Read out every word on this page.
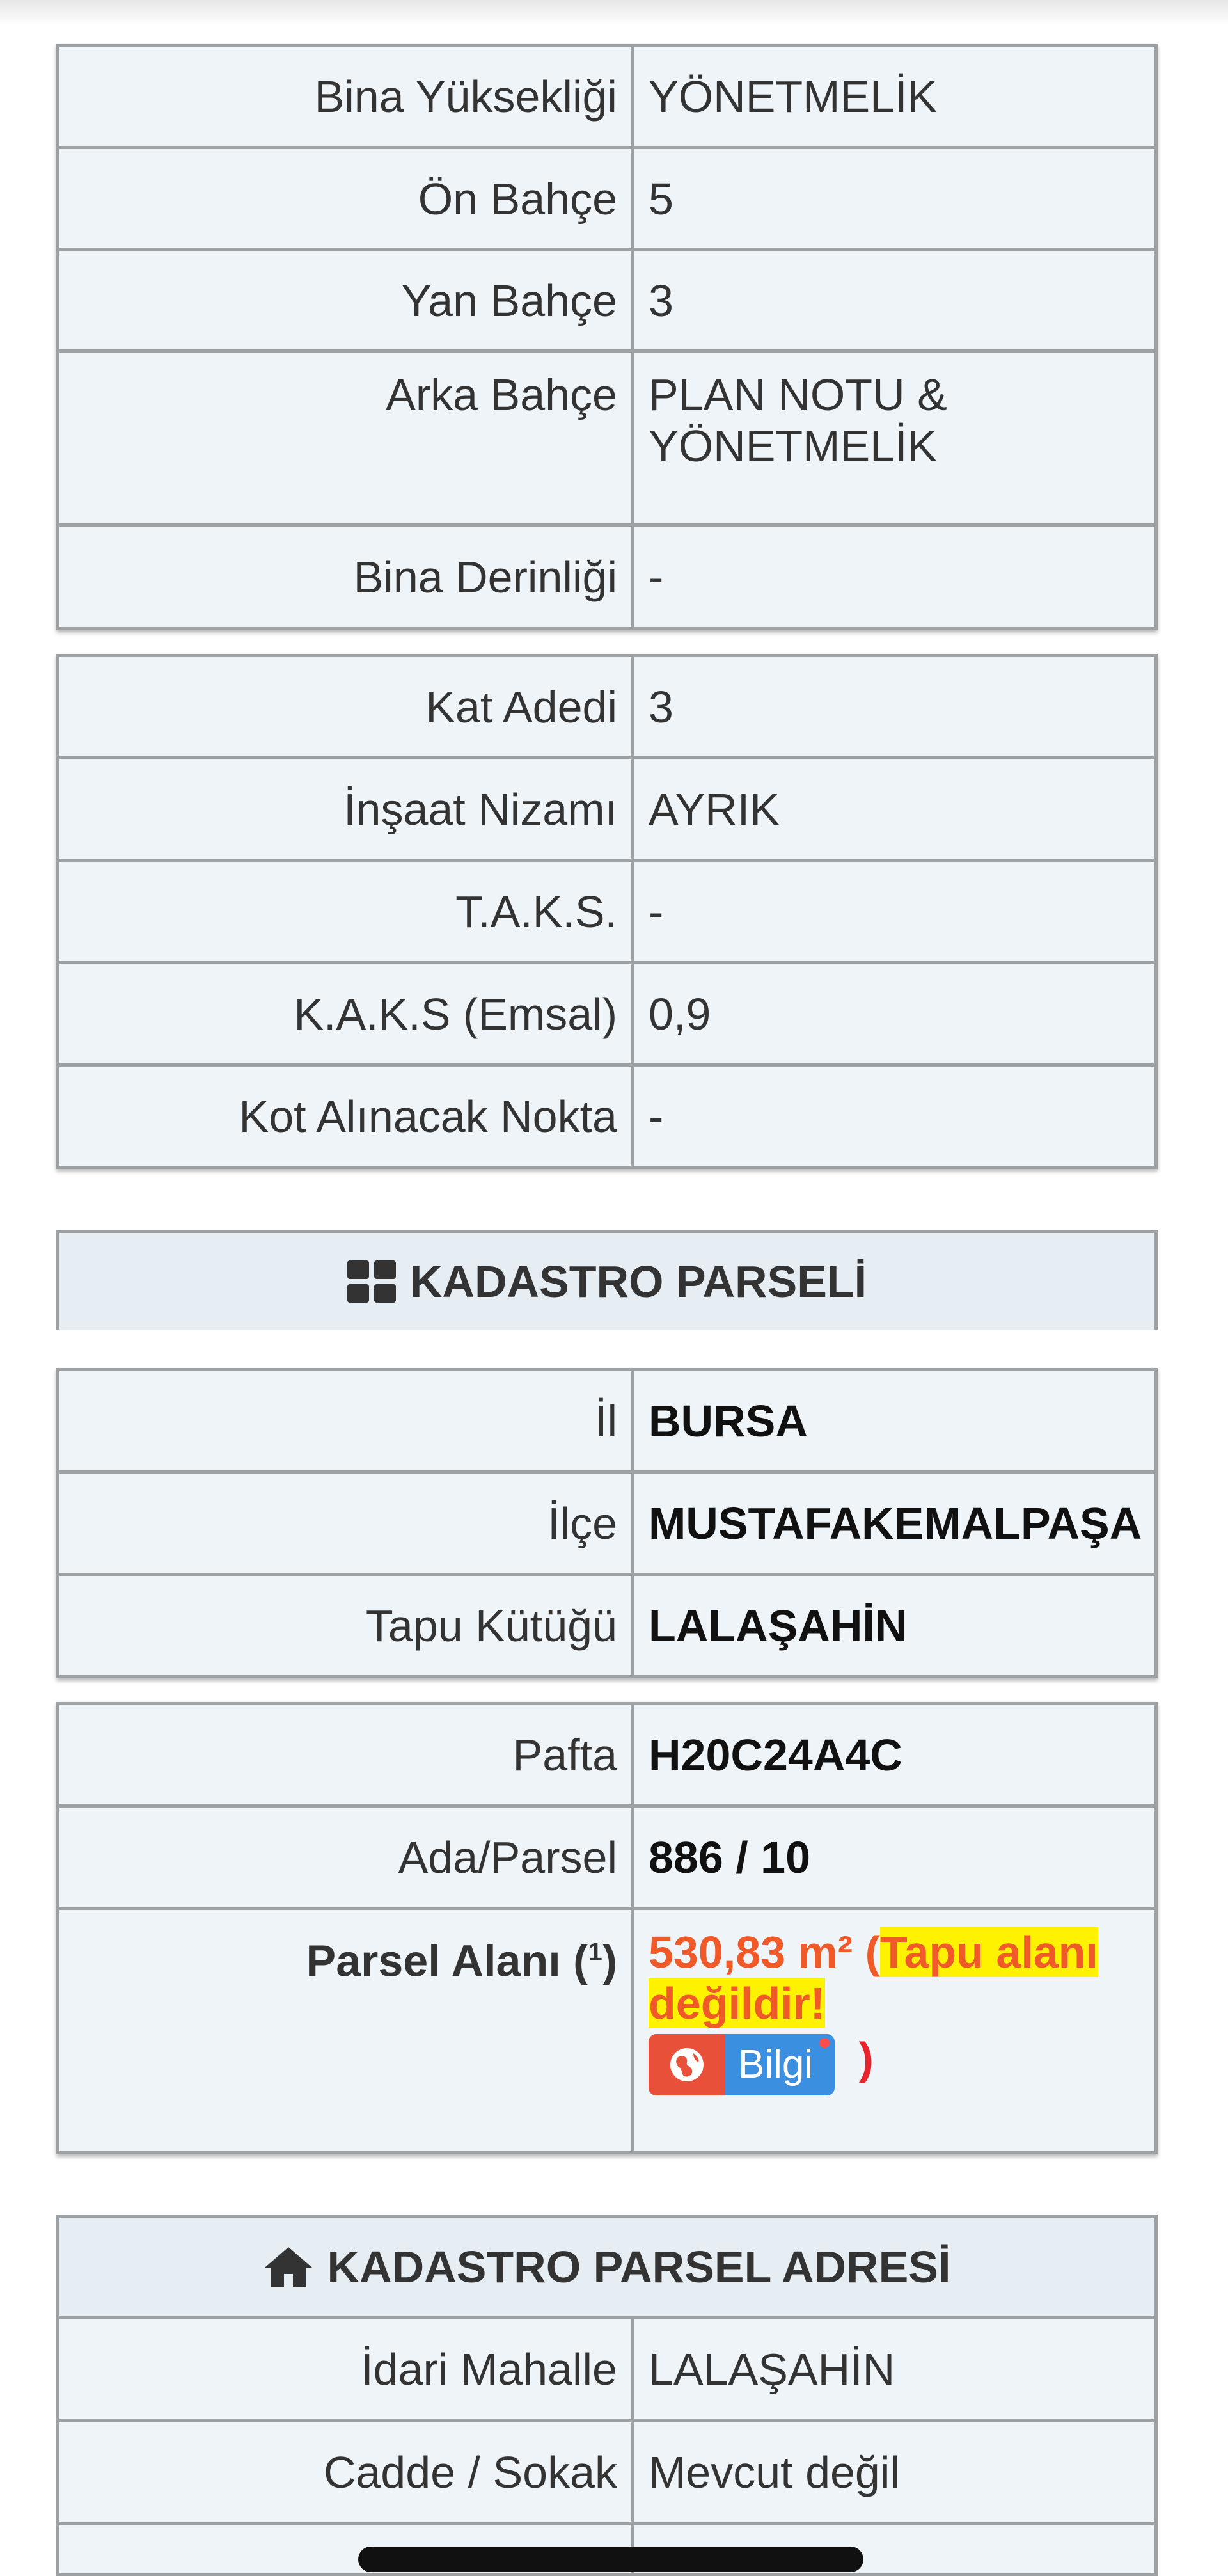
Bina Yüksekliği	YÖNETMELİK
Ön Bahçe	5
Yan Bahçe	3
Arka Bahçe	PLAN NOTU & YÖNETMELİK
Bina Derinliği	-
Kat Adedi	3
İnşaat Nizamı	AYRIK
T.A.K.S.	-
K.A.K.S (Emsal)	0,9
Kot Alınacak Nokta	-
KADASTRO PARSELİ
İl	BURSA
İlçe	MUSTAFAKEMALPAŞA
Tapu Kütüğü	LALAŞAHİN
Pafta	H20C24A4C
Ada/Parsel	886 / 10
Parsel Alanı ($^1$)	530,83 m² (Tapu alanı değildir!

Bilgi )
KADASTRO PARSEL ADRESİ
İdari Mahalle	LALAŞAHİN
Cadde / Sokak	Mevcut değil
